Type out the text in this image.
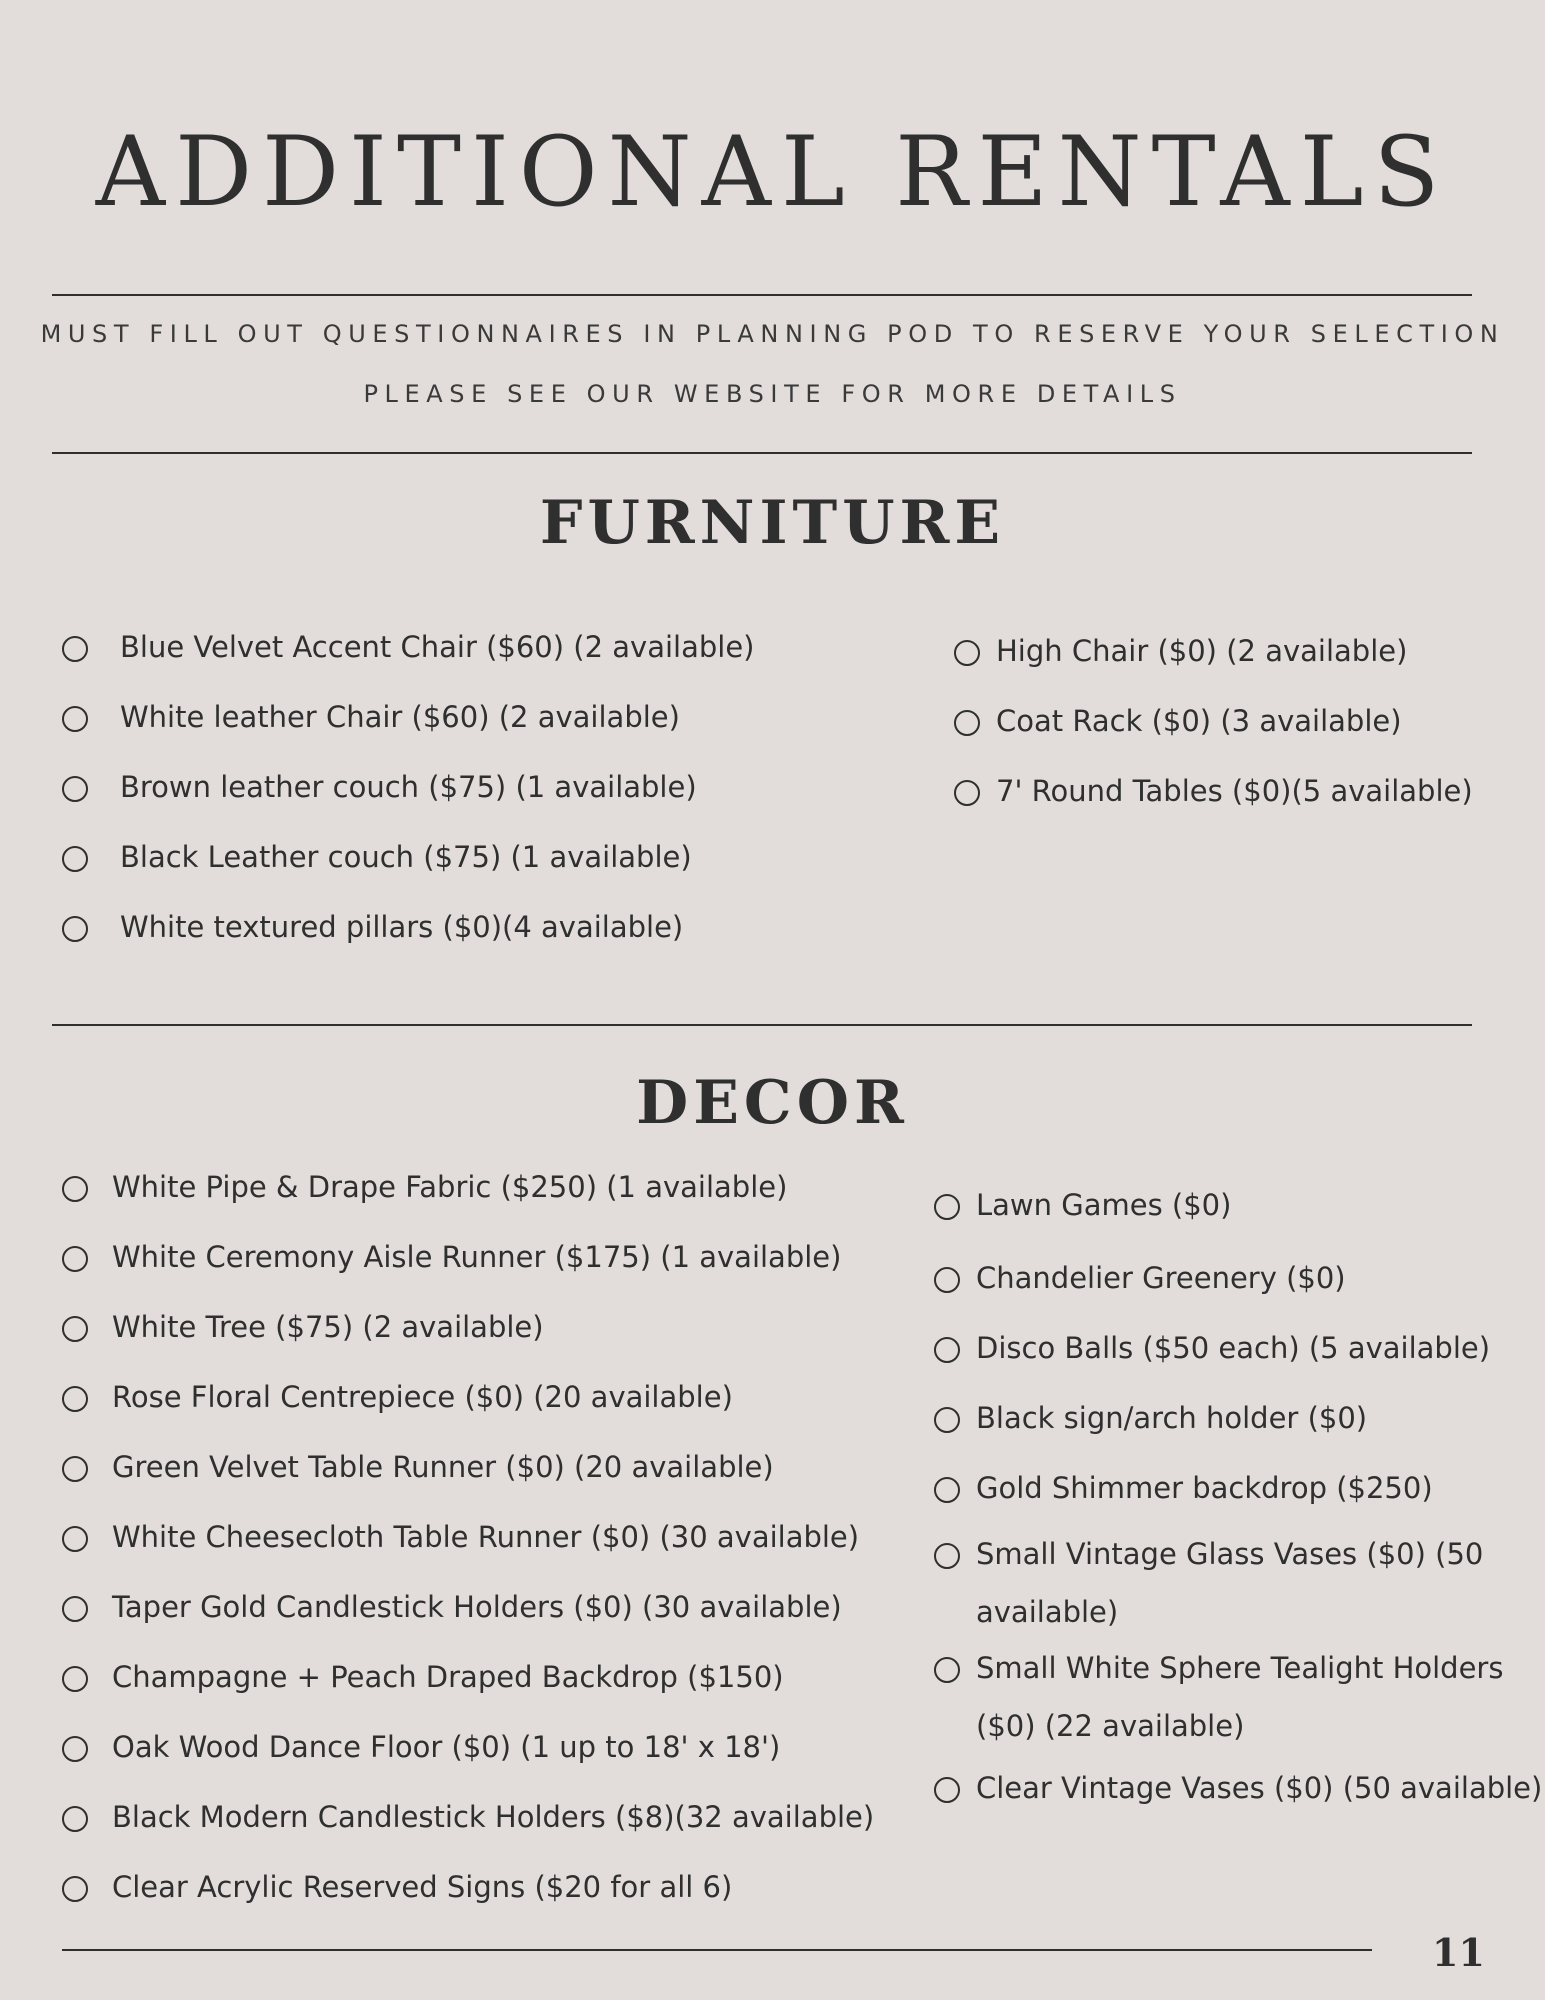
ADDITIONAL RENTALS

MUST FILL OUT QUESTIONNAIRES IN PLANNING POD TO RESERVE YOUR SELECTION

PLEASE SEE OUR WEBSITE FOR MORE DETAILS

FURNITURE
Blue Velvet Accent Chair ($60) (2 available)
White leather Chair ($60) (2 available)
Brown leather couch ($75) (1 available)
Black Leather couch ($75) (1 available)
White textured pillars ($0)(4 available)
High Chair ($0) (2 available)
Coat Rack ($0) (3 available)
7' Round Tables ($0)(5 available)
DECOR
White Pipe & Drape Fabric ($250) (1 available)
White Ceremony Aisle Runner ($175) (1 available)
White Tree ($75) (2 available)
Rose Floral Centrepiece ($0) (20 available)
Green Velvet Table Runner ($0) (20 available)
White Cheesecloth Table Runner ($0) (30 available)
Taper Gold Candlestick Holders ($0) (30 available)
Champagne + Peach Draped Backdrop ($150)
Oak Wood Dance Floor ($0) (1 up to 18' x 18')
Black Modern Candlestick Holders ($8)(32 available)
Clear Acrylic Reserved Signs ($20 for all 6)
Lawn Games ($0)
Chandelier Greenery ($0)
Disco Balls ($50 each) (5 available)
Black sign/arch holder ($0)
Gold Shimmer backdrop ($250)
Small Vintage Glass Vases ($0) (50 available)
Small White Sphere Tealight Holders ($0) (22 available)
Clear Vintage Vases ($0) (50 available)
11
